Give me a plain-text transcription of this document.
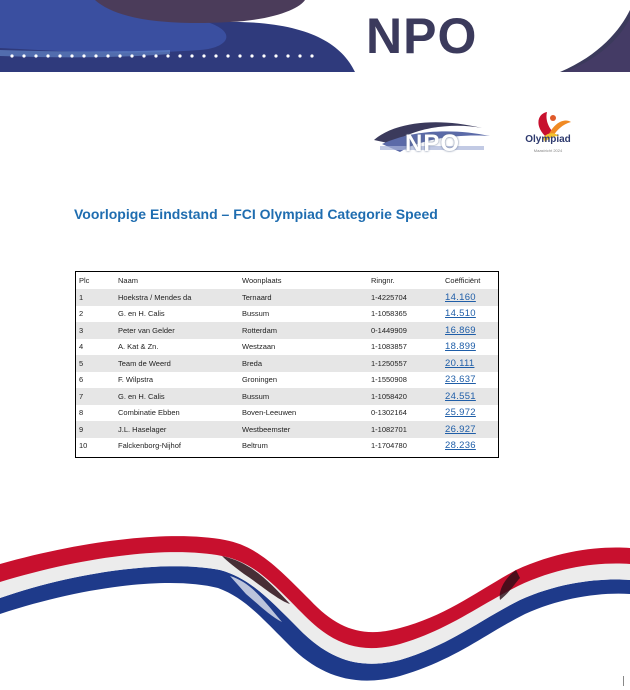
NPO
NPO	Olympiad
Maastricht 2024
Voorlopige Eindstand – FCI Olympiad Categorie Speed
Plc	Naam	Woonplaats	Ringnr.	Coëfficiënt
1	Hoekstra / Mendes da	Ternaard	1-4225704	14.160
2	G. en H. Calis	Bussum	1-1058365	14.510
3	Peter van Gelder	Rotterdam	0-1449909	16.869
4	A. Kat & Zn.	Westzaan	1-1083857	18.899
5	Team de Weerd	Breda	1-1250557	20.111
6	F. Wilpstra	Groningen	1-1550908	23.637
7	G. en H. Calis	Bussum	1-1058420	24.551
8	Combinatie Ebben	Boven-Leeuwen	0-1302164	25.972
9	J.L. Haselager	Westbeemster	1-1082701	26.927
10	Falckenborg-Nijhof	Beltrum	1-1704780	28.236
